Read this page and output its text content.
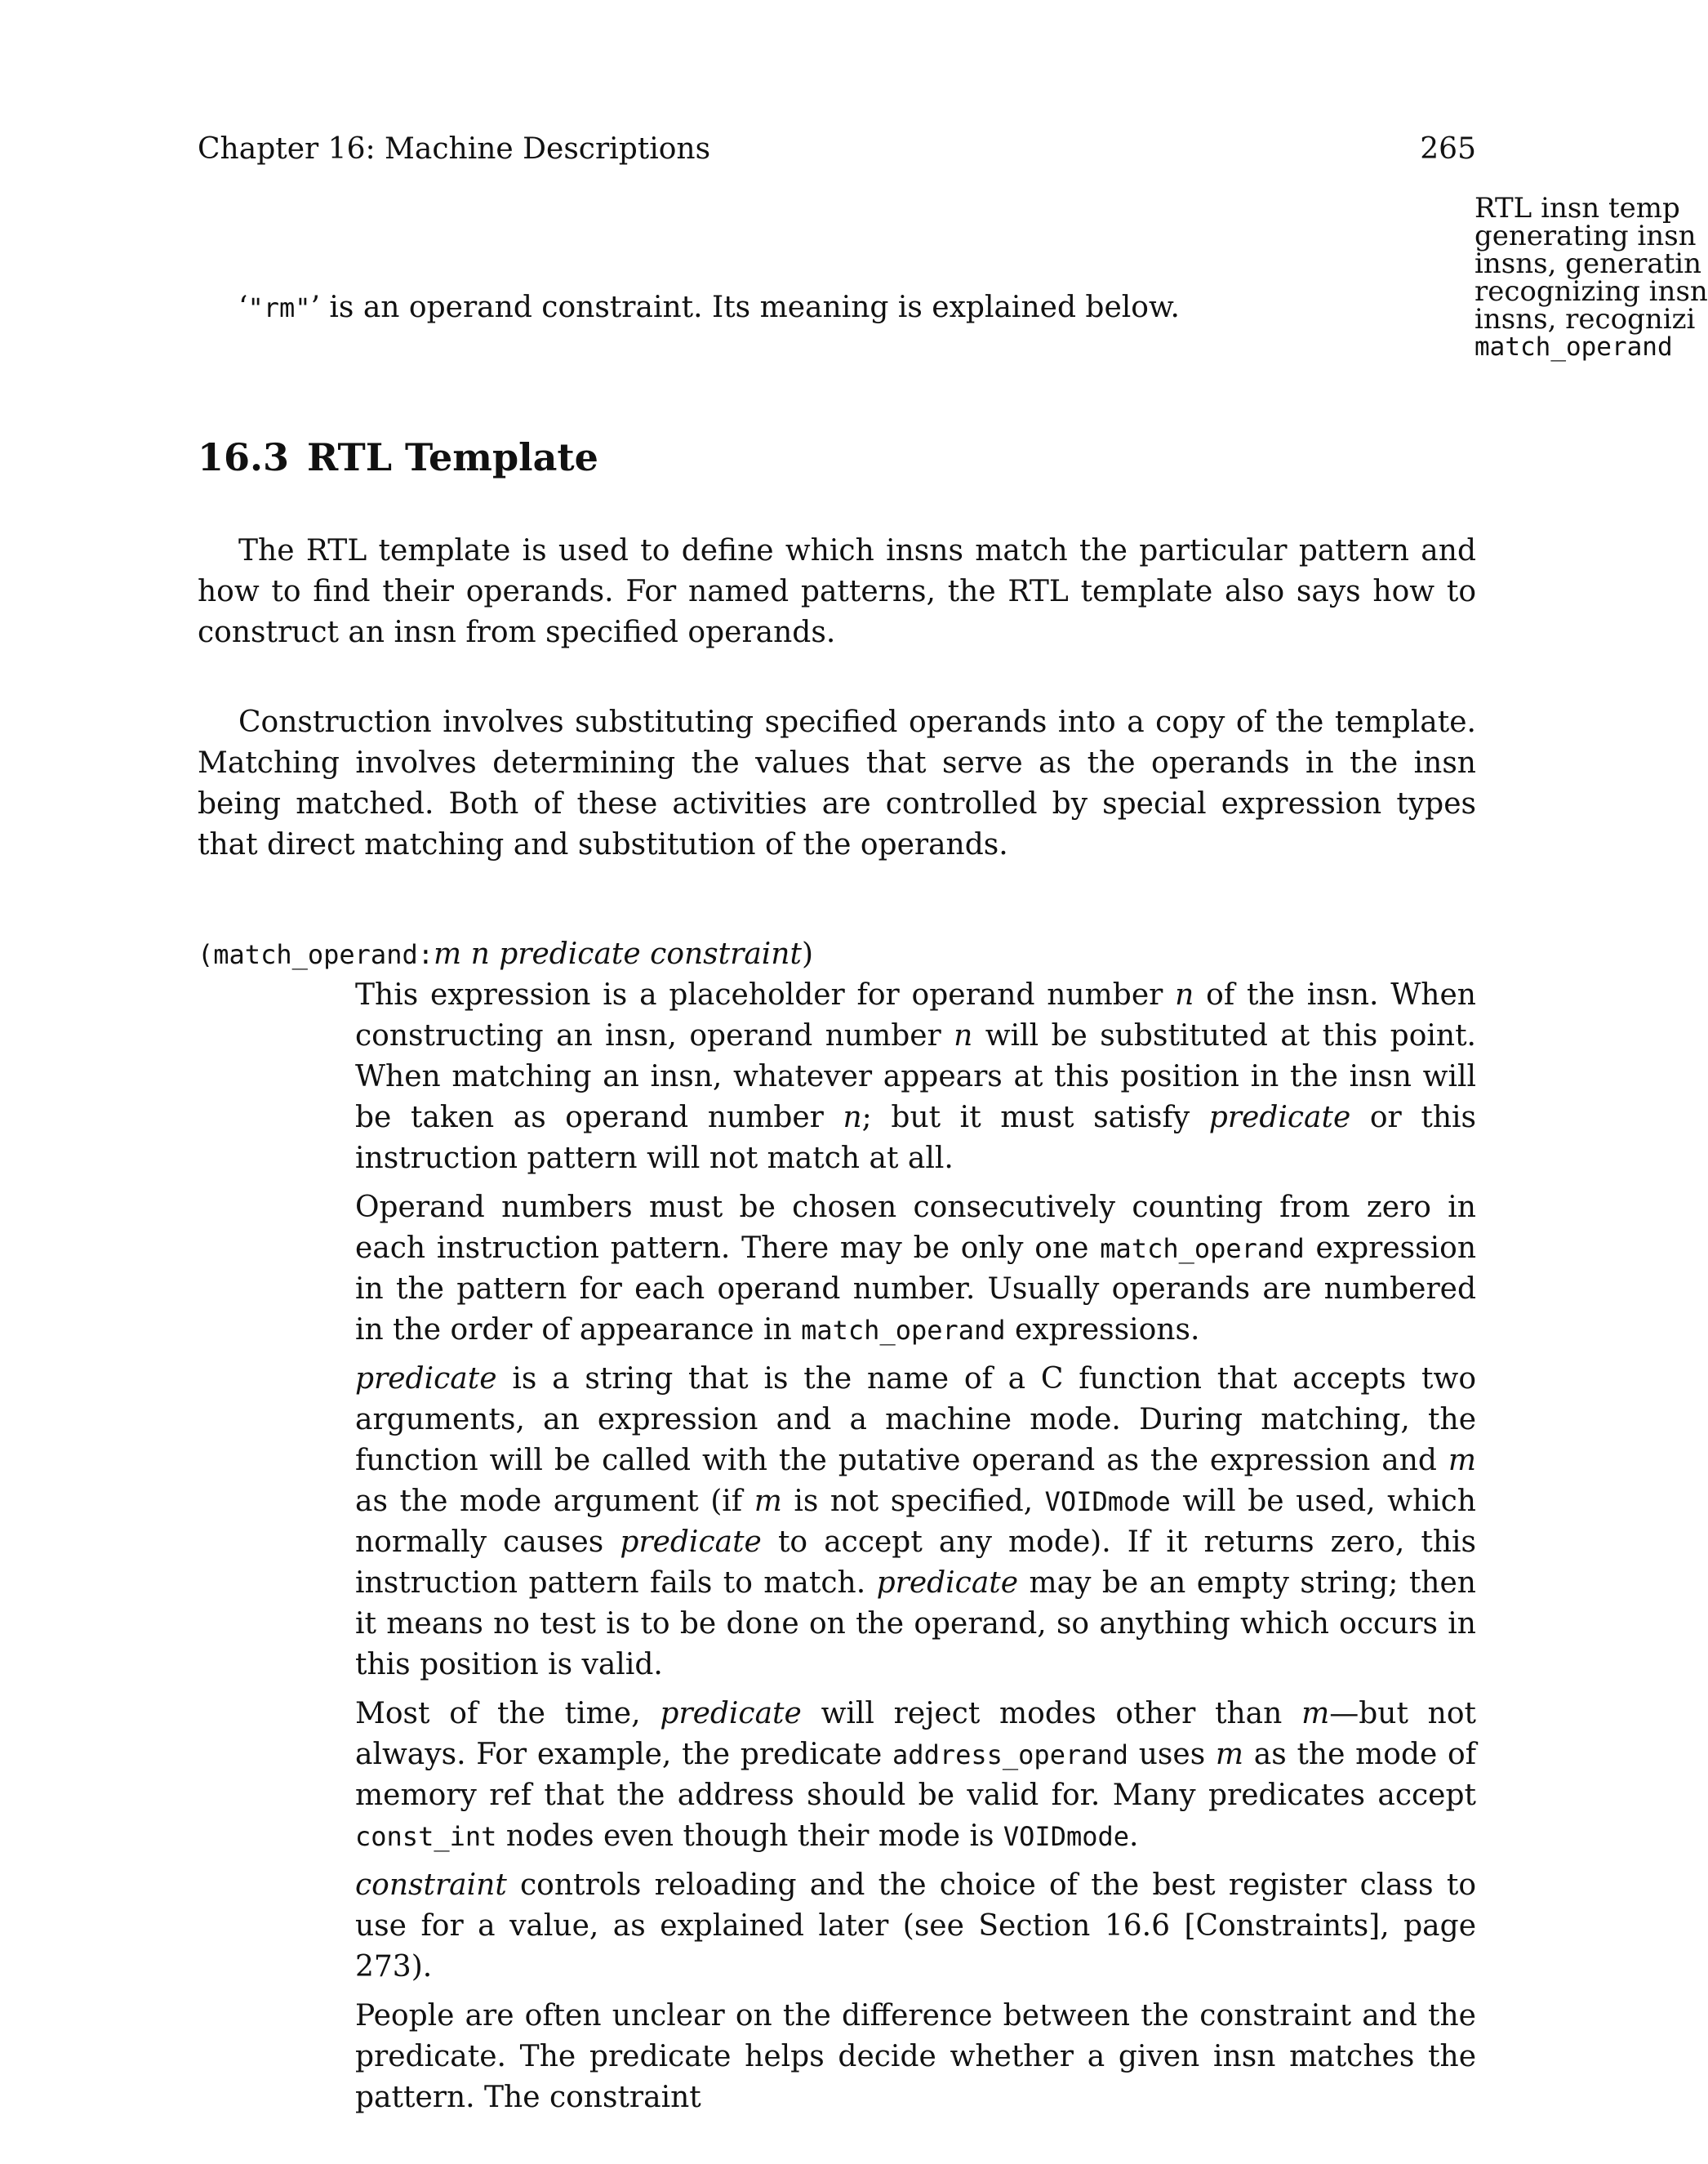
Chapter 16: Machine Descriptions	265
RTL insn temp
generating insn
insns, generatin
recognizing insn
insns, recognizi
match_operand
‘"rm"’ is an operand constraint. Its meaning is explained below.
16.3 RTL Template

The RTL template is used to define which insns match the particular pattern and how to find their operands. For named patterns, the RTL template also says how to construct an insn from specified operands.

Construction involves substituting specified operands into a copy of the template. Matching involves determining the values that serve as the operands in the insn being matched. Both of these activities are controlled by special expression types that direct matching and substitution of the operands.

(match_operand:m n predicate constraint)

This expression is a placeholder for operand number n of the insn. When constructing an insn, operand number n will be substituted at this point. When matching an insn, whatever appears at this position in the insn will be taken as operand number n; but it must satisfy predicate or this instruction pattern will not match at all.

Operand numbers must be chosen consecutively counting from zero in each instruction pattern. There may be only one match_operand expression in the pattern for each operand number. Usually operands are numbered in the order of appearance in match_operand expressions.

predicate is a string that is the name of a C function that accepts two arguments, an expression and a machine mode. During matching, the function will be called with the putative operand as the expression and m as the mode argument (if m is not specified, VOIDmode will be used, which normally causes predicate to accept any mode). If it returns zero, this instruction pattern fails to match. predicate may be an empty string; then it means no test is to be done on the operand, so anything which occurs in this position is valid.

Most of the time, predicate will reject modes other than m—but not always. For example, the predicate address_operand uses m as the mode of memory ref that the address should be valid for. Many predicates accept const_int nodes even though their mode is VOIDmode.

constraint controls reloading and the choice of the best register class to use for a value, as explained later (see Section 16.6 [Constraints], page 273).

People are often unclear on the difference between the constraint and the predicate. The predicate helps decide whether a given insn matches the pattern. The constraint
